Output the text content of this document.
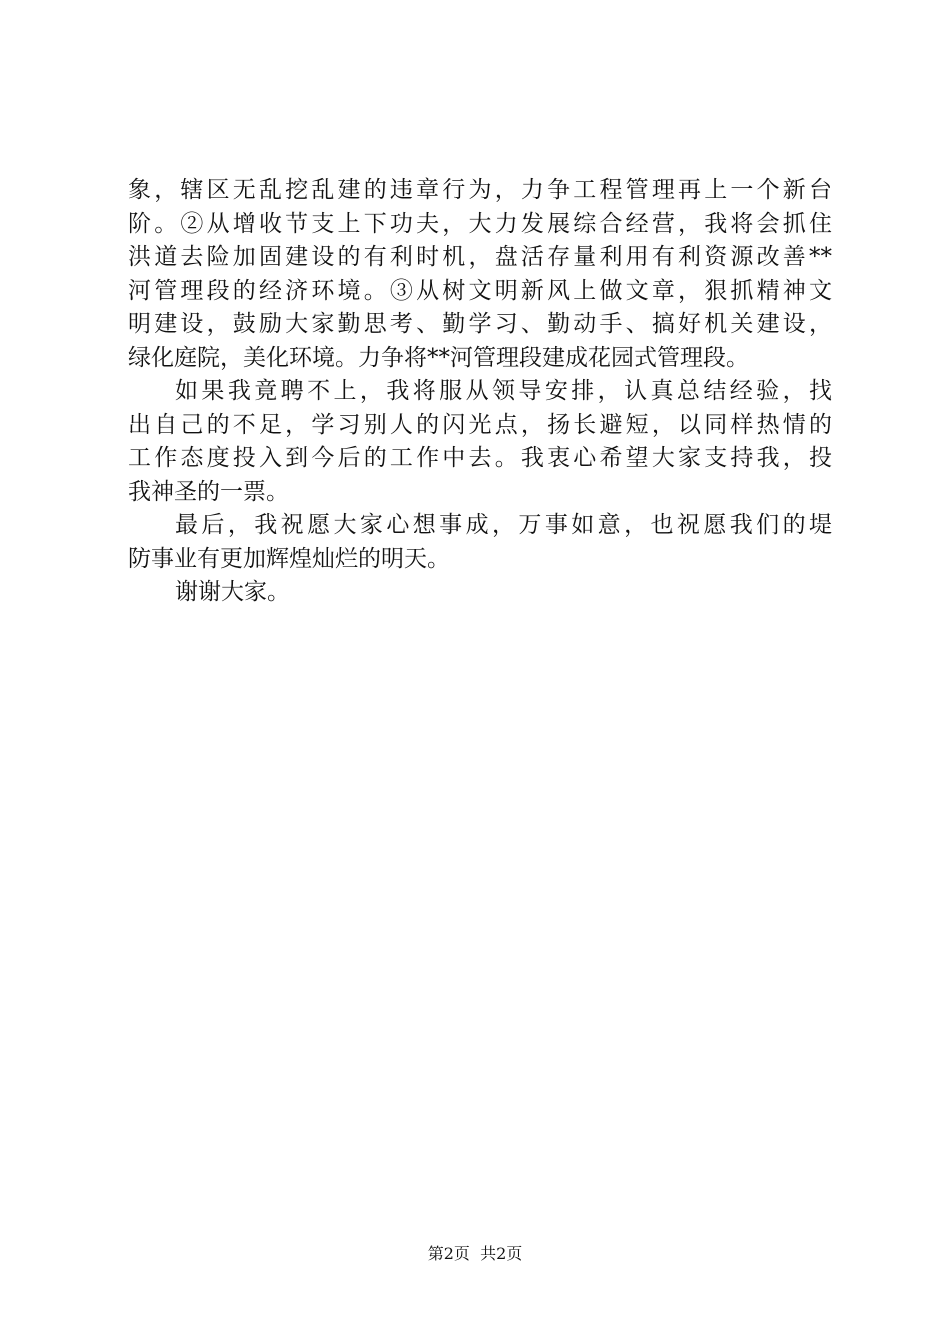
象，辖区无乱挖乱建的违章行为，力争工程管理再上一个新台
阶。②从增收节支上下功夫，大力发展综合经营，我将会抓住
洪道去险加固建设的有利时机，盘活存量利用有利资源改善**
河管理段的经济环境。③从树文明新风上做文章，狠抓精神文
明建设，鼓励大家勤思考、勤学习、勤动手、搞好机关建设，
绿化庭院，美化环境。力争将**河管理段建成花园式管理段。
如果我竟聘不上，我将服从领导安排，认真总结经验，找
出自己的不足，学习别人的闪光点，扬长避短，以同样热情的
工作态度投入到今后的工作中去。我衷心希望大家支持我，投
我神圣的一票。
最后，我祝愿大家心想事成，万事如意，也祝愿我们的堤
防事业有更加辉煌灿烂的明天。
谢谢大家。
第2页  共2页
